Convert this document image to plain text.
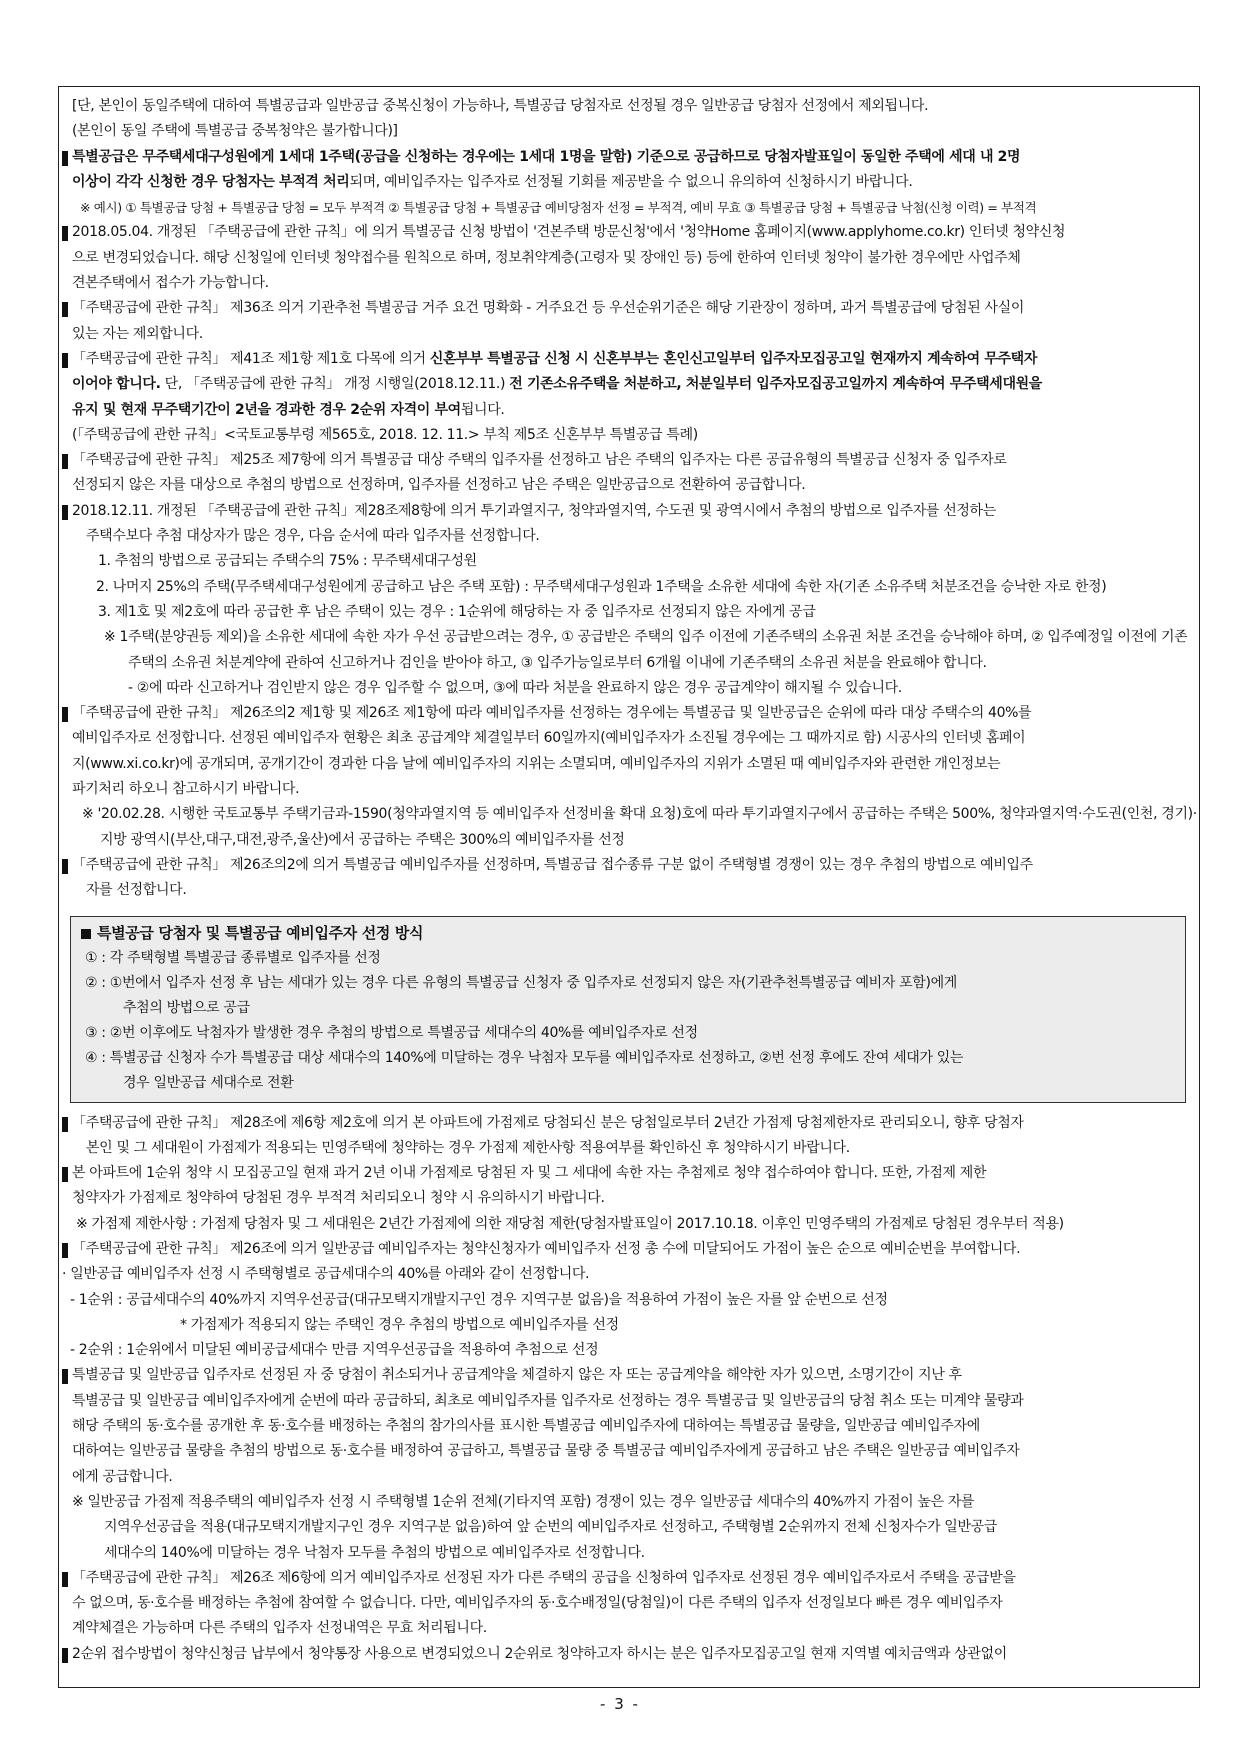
[단, 본인이 동일주택에 대하여 특별공급과 일반공급 중복신청이 가능하나, 특별공급 당첨자로 선정될 경우 일반공급 당첨자 선정에서 제외됩니다.

(본인이 동일 주택에 특별공급 중복청약은 불가합니다)]

특별공급은 무주택세대구성원에게 1세대 1주택(공급을 신청하는 경우에는 1세대 1명을 말함) 기준으로 공급하므로 당첨자발표일이 동일한 주택에 세대 내 2명
이상이 각각 신청한 경우 당첨자는 부적격 처리되며, 예비입주자는 입주자로 선정될 기회를 제공받을 수 없으니 유의하여 신청하시기 바랍니다.

※ 예시) ① 특별공급 당첨 + 특별공급 당첨 = 모두 부적격 ② 특별공급 당첨 + 특별공급 예비당첨자 선정 = 부적격, 예비 무효 ③ 특별공급 당첨 + 특별공급 낙첨(신청 이력) = 부적격

2018.05.04. 개정된 「주택공급에 관한 규칙」에 의거 특별공급 신청 방법이 '견본주택 방문신청'에서 '청약Home 홈페이지(www.applyhome.co.kr) 인터넷 청약신청
으로 변경되었습니다. 해당 신청일에 인터넷 청약접수를 원칙으로 하며, 정보취약계층(고령자 및 장애인 등) 등에 한하여 인터넷 청약이 불가한 경우에만 사업주체
견본주택에서 접수가 가능합니다.
「주택공급에 관한 규칙」 제36조 의거 기관추천 특별공급 거주 요건 명확화 - 거주요건 등 우선순위기준은 해당 기관장이 정하며, 과거 특별공급에 당첨된 사실이
있는 자는 제외합니다.
「주택공급에 관한 규칙」 제41조 제1항 제1호 다목에 의거 신혼부부 특별공급 신청 시 신혼부부는 혼인신고일부터 입주자모집공고일 현재까지 계속하여 무주택자
이어야 합니다. 단, 「주택공급에 관한 규칙」 개정 시행일(2018.12.11.) 전 기존소유주택을 처분하고, 처분일부터 입주자모집공고일까지 계속하여 무주택세대원을
유지 및 현재 무주택기간이 2년을 경과한 경우 2순위 자격이 부여됩니다.
(「주택공급에 관한 규칙」<국토교통부령 제565호, 2018. 12. 11.> 부칙 제5조 신혼부부 특별공급 특례)
「주택공급에 관한 규칙」 제25조 제7항에 의거 특별공급 대상 주택의 입주자를 선정하고 남은 주택의 입주자는 다른 공급유형의 특별공급 신청자 중 입주자로
선정되지 않은 자를 대상으로 추첨의 방법으로 선정하며, 입주자를 선정하고 남은 주택은 일반공급으로 전환하여 공급합니다.
2018.12.11. 개정된 「주택공급에 관한 규칙」제28조제8항에 의거 투기과열지구, 청약과열지역, 수도권 및 광역시에서 추첨의 방법으로 입주자를 선정하는
주택수보다 추첨 대상자가 많은 경우, 다음 순서에 따라 입주자를 선정합니다.
1. 추첨의 방법으로 공급되는 주택수의 75% : 무주택세대구성원
2. 나머지 25%의 주택(무주택세대구성원에게 공급하고 남은 주택 포함) : 무주택세대구성원과 1주택을 소유한 세대에 속한 자(기존 소유주택 처분조건을 승낙한 자로 한정)
3. 제1호 및 제2호에 따라 공급한 후 남은 주택이 있는 경우 : 1순위에 해당하는 자 중 입주자로 선정되지 않은 자에게 공급
※ 1주택(분양권등 제외)을 소유한 세대에 속한 자가 우선 공급받으려는 경우, ① 공급받은 주택의 입주 이전에 기존주택의 소유권 처분 조건을 승낙해야 하며, ② 입주예정일 이전에 기존주택의 소유권 처분계약에 관하여 신고하거나 검인을 받아야 하고, ③ 입주가능일로부터 6개월 이내에 기존주택의 소유권 처분을 완료해야 합니다.
- ②에 따라 신고하거나 검인받지 않은 경우 입주할 수 없으며, ③에 따라 처분을 완료하지 않은 경우 공급계약이 해지될 수 있습니다.
「주택공급에 관한 규칙」 제26조의2 제1항 및 제26조 제1항에 따라 예비입주자를 선정하는 경우에는 특별공급 및 일반공급은 순위에 따라 대상 주택수의 40%를
예비입주자로 선정합니다. 선정된 예비입주자 현황은 최초 공급계약 체결일부터 60일까지(예비입주자가 소진될 경우에는 그 때까지로 함) 시공사의 인터넷 홈페이
지(www.xi.co.kr)에 공개되며, 공개기간이 경과한 다음 날에 예비입주자의 지위는 소멸되며, 예비입주자의 지위가 소멸된 때 예비입주자와 관련한 개인정보는
파기처리 하오니 참고하시기 바랍니다.
※ '20.02.28. 시행한 국토교통부 주택기금과-1590(청약과열지역 등 예비입주자 선정비율 확대 요청)호에 따라 투기과열지구에서 공급하는 주택은 500%, 청약과열지역·수도권(인천, 경기)·지방 광역시(부산,대구,대전,광주,울산)에서 공급하는 주택은 300%의 예비입주자를 선정
「주택공급에 관한 규칙」 제26조의2에 의거 특별공급 예비입주자를 선정하며, 특별공급 접수종류 구분 없이 주택형별 경쟁이 있는 경우 추첨의 방법으로 예비입주
자를 선정합니다.

특별공급 당첨자 및 특별공급 예비입주자 선정 방식

① : 각 주택형별 특별공급 종류별로 입주자를 선정
② : ①번에서 입주자 선정 후 남는 세대가 있는 경우 다른 유형의 특별공급 신청자 중 입주자로 선정되지 않은 자(기관추천특별공급 예비자 포함)에게
추첨의 방법으로 공급
③ : ②번 이후에도 낙첨자가 발생한 경우 추첨의 방법으로 특별공급 세대수의 40%를 예비입주자로 선정
④ : 특별공급 신청자 수가 특별공급 대상 세대수의 140%에 미달하는 경우 낙첨자 모두를 예비입주자로 선정하고, ②번 선정 후에도 잔여 세대가 있는
경우 일반공급 세대수로 전환
「주택공급에 관한 규칙」 제28조에 제6항 제2호에 의거 본 아파트에 가점제로 당첨되신 분은 당첨일로부터 2년간 가점제 당첨제한자로 관리되오니, 향후 당첨자
본인 및 그 세대원이 가점제가 적용되는 민영주택에 청약하는 경우 가점제 제한사항 적용여부를 확인하신 후 청약하시기 바랍니다.
본 아파트에 1순위 청약 시 모집공고일 현재 과거 2년 이내 가점제로 당첨된 자 및 그 세대에 속한 자는 추첨제로 청약 접수하여야 합니다. 또한, 가점제 제한
청약자가 가점제로 청약하여 당첨된 경우 부적격 처리되오니 청약 시 유의하시기 바랍니다.
※ 가점제 제한사항 : 가점제 당첨자 및 그 세대원은 2년간 가점제에 의한 재당첨 제한(당첨자발표일이 2017.10.18. 이후인 민영주택의 가점제로 당첨된 경우부터 적용)
「주택공급에 관한 규칙」 제26조에 의거 일반공급 예비입주자는 청약신청자가 예비입주자 선정 총 수에 미달되어도 가점이 높은 순으로 예비순번을 부여합니다.
· 일반공급 예비입주자 선정 시 주택형별로 공급세대수의 40%를 아래와 같이 선정합니다.
- 1순위 : 공급세대수의 40%까지 지역우선공급(대규모택지개발지구인 경우 지역구분 없음)을 적용하여 가점이 높은 자를 앞 순번으로 선정
* 가점제가 적용되지 않는 주택인 경우 추첨의 방법으로 예비입주자를 선정
- 2순위 : 1순위에서 미달된 예비공급세대수 만큼 지역우선공급을 적용하여 추첨으로 선정
특별공급 및 일반공급 입주자로 선정된 자 중 당첨이 취소되거나 공급계약을 체결하지 않은 자 또는 공급계약을 해약한 자가 있으면, 소명기간이 지난 후
특별공급 및 일반공급 예비입주자에게 순번에 따라 공급하되, 최초로 예비입주자를 입주자로 선정하는 경우 특별공급 및 일반공급의 당첨 취소 또는 미계약 물량과
해당 주택의 동·호수를 공개한 후 동·호수를 배정하는 추첨의 참가의사를 표시한 특별공급 예비입주자에 대하여는 특별공급 물량을, 일반공급 예비입주자에
대하여는 일반공급 물량을 추첨의 방법으로 동·호수를 배정하여 공급하고, 특별공급 물량 중 특별공급 예비입주자에게 공급하고 남은 주택은 일반공급 예비입주자
에게 공급합니다.
※ 일반공급 가점제 적용주택의 예비입주자 선정 시 주택형별 1순위 전체(기타지역 포함) 경쟁이 있는 경우 일반공급 세대수의 40%까지 가점이 높은 자를
지역우선공급을 적용(대규모택지개발지구인 경우 지역구분 없음)하여 앞 순번의 예비입주자로 선정하고, 주택형별 2순위까지 전체 신청자수가 일반공급
세대수의 140%에 미달하는 경우 낙첨자 모두를 추첨의 방법으로 예비입주자로 선정합니다.
「주택공급에 관한 규칙」 제26조 제6항에 의거 예비입주자로 선정된 자가 다른 주택의 공급을 신청하여 입주자로 선정된 경우 예비입주자로서 주택을 공급받을
수 없으며, 동·호수를 배정하는 추첨에 참여할 수 없습니다. 다만, 예비입주자의 동·호수배정일(당첨일)이 다른 주택의 입주자 선정일보다 빠른 경우 예비입주자
계약체결은 가능하며 다른 주택의 입주자 선정내역은 무효 처리됩니다.
2순위 접수방법이 청약신청금 납부에서 청약통장 사용으로 변경되었으니 2순위로 청약하고자 하시는 분은 입주자모집공고일 현재 지역별 예치금액과 상관없이
- 3 -
